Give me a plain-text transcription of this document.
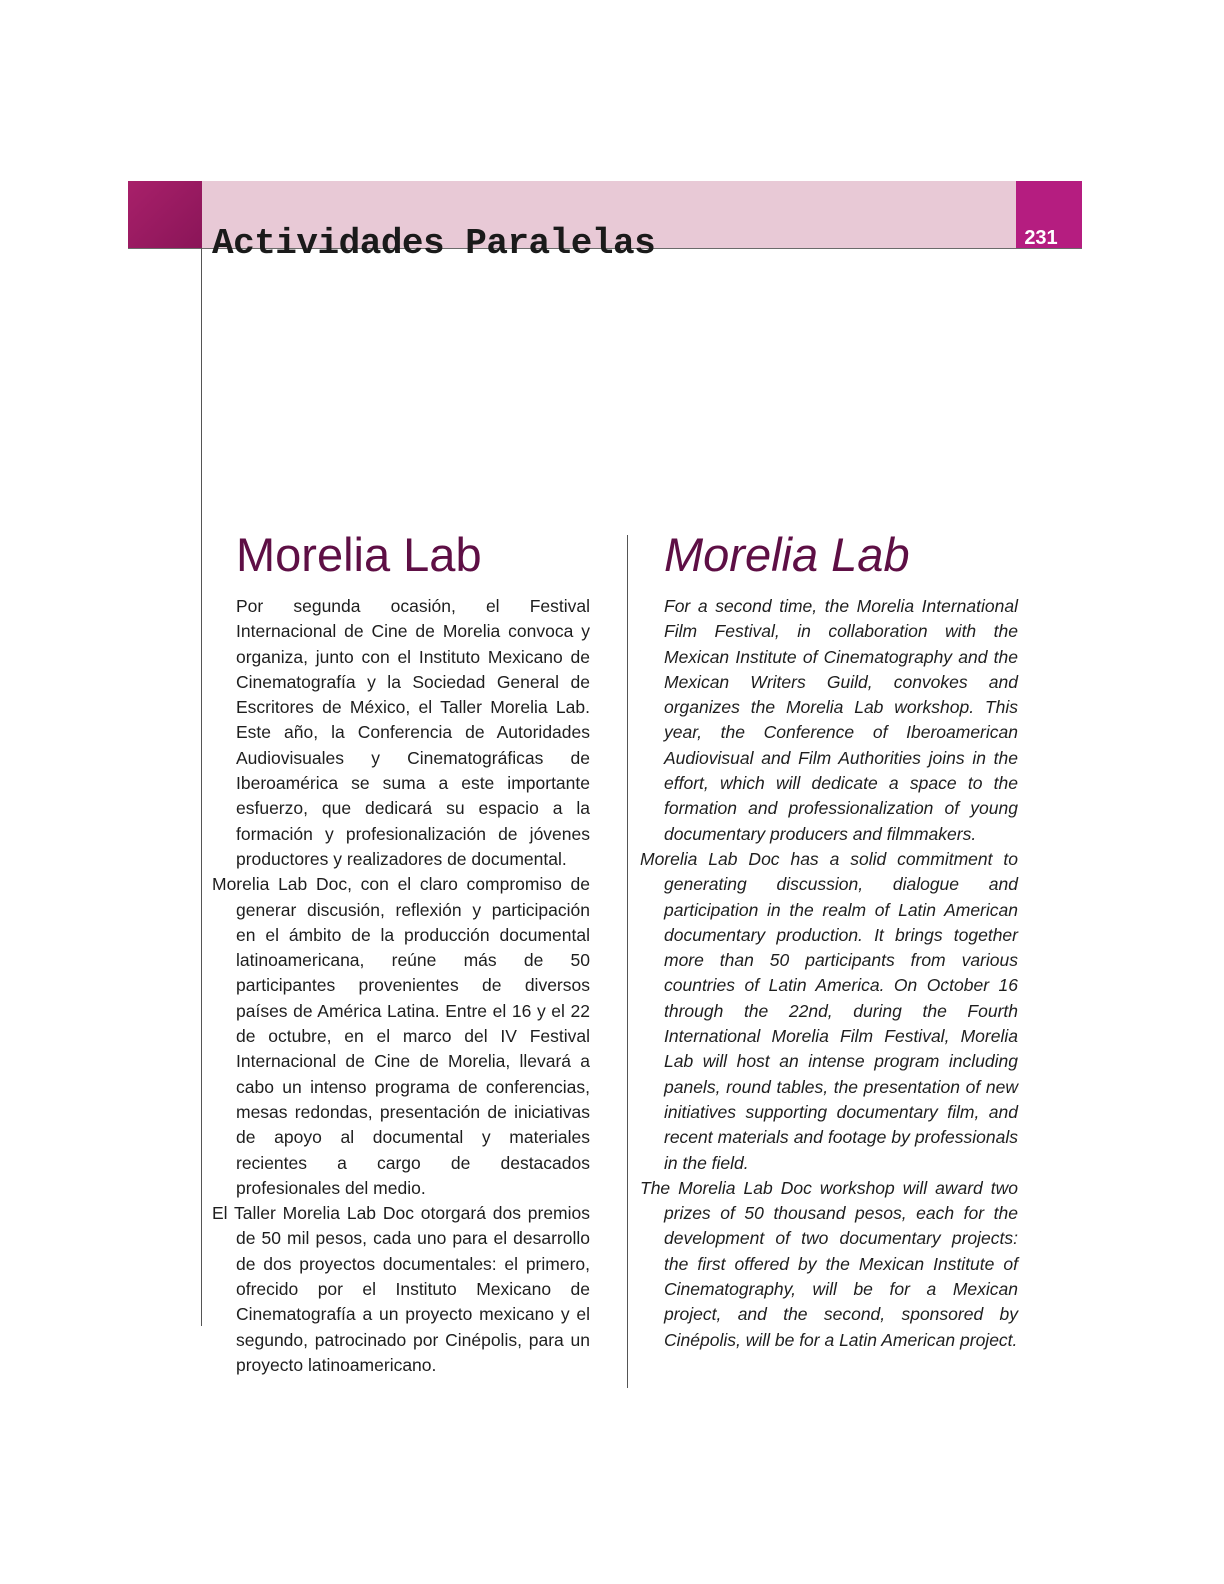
231
Actividades Paralelas
Morelia Lab

Por segunda ocasión, el Festival Internacional de Cine de Morelia convoca y organiza, junto con el Instituto Mexicano de Cinematografía y la Sociedad General de Escritores de México, el Taller Morelia Lab. Este año, la Conferencia de Autoridades Audiovisuales y Cinematográficas de Iberoamérica se suma a este importante esfuerzo, que dedicará su espacio a la formación y profesionalización de jóvenes productores y realizadores de documental.

Morelia Lab Doc, con el claro compromiso de generar discusión, reflexión y participación en el ámbito de la producción documental latinoamericana, reúne más de 50 participantes provenientes de diversos países de América Latina. Entre el 16 y el 22 de octubre, en el marco del IV Festival Internacional de Cine de Morelia, llevará a cabo un intenso programa de conferencias, mesas redondas, presentación de iniciativas de apoyo al documental y materiales recientes a cargo de destacados profesionales del medio.

El Taller Morelia Lab Doc otorgará dos premios de 50 mil pesos, cada uno para el desarrollo de dos proyectos documentales: el primero, ofrecido por el Instituto Mexicano de Cinematografía a un proyecto mexicano y el segundo, patrocinado por Cinépolis, para un proyecto latinoamericano.

Morelia Lab

For a second time, the Morelia International Film Festival, in collaboration with the Mexican Institute of Cinematography and the Mexican Writers Guild, convokes and organizes the Morelia Lab workshop. This year, the Conference of Iberoamerican Audiovisual and Film Authorities joins in the effort, which will dedicate a space to the formation and professionalization of young documentary producers and filmmakers.

Morelia Lab Doc has a solid commitment to generating discussion, dialogue and participation in the realm of Latin American documentary production. It brings together more than 50 participants from various countries of Latin America. On October 16 through the 22nd, during the Fourth International Morelia Film Festival, Morelia Lab will host an intense program including panels, round tables, the presentation of new initiatives supporting documentary film, and recent materials and footage by professionals in the field.

The Morelia Lab Doc workshop will award two prizes of 50 thousand pesos, each for the development of two documentary projects: the first offered by the Mexican Institute of Cinematography, will be for a Mexican project, and the second, sponsored by Cinépolis, will be for a Latin American project.
